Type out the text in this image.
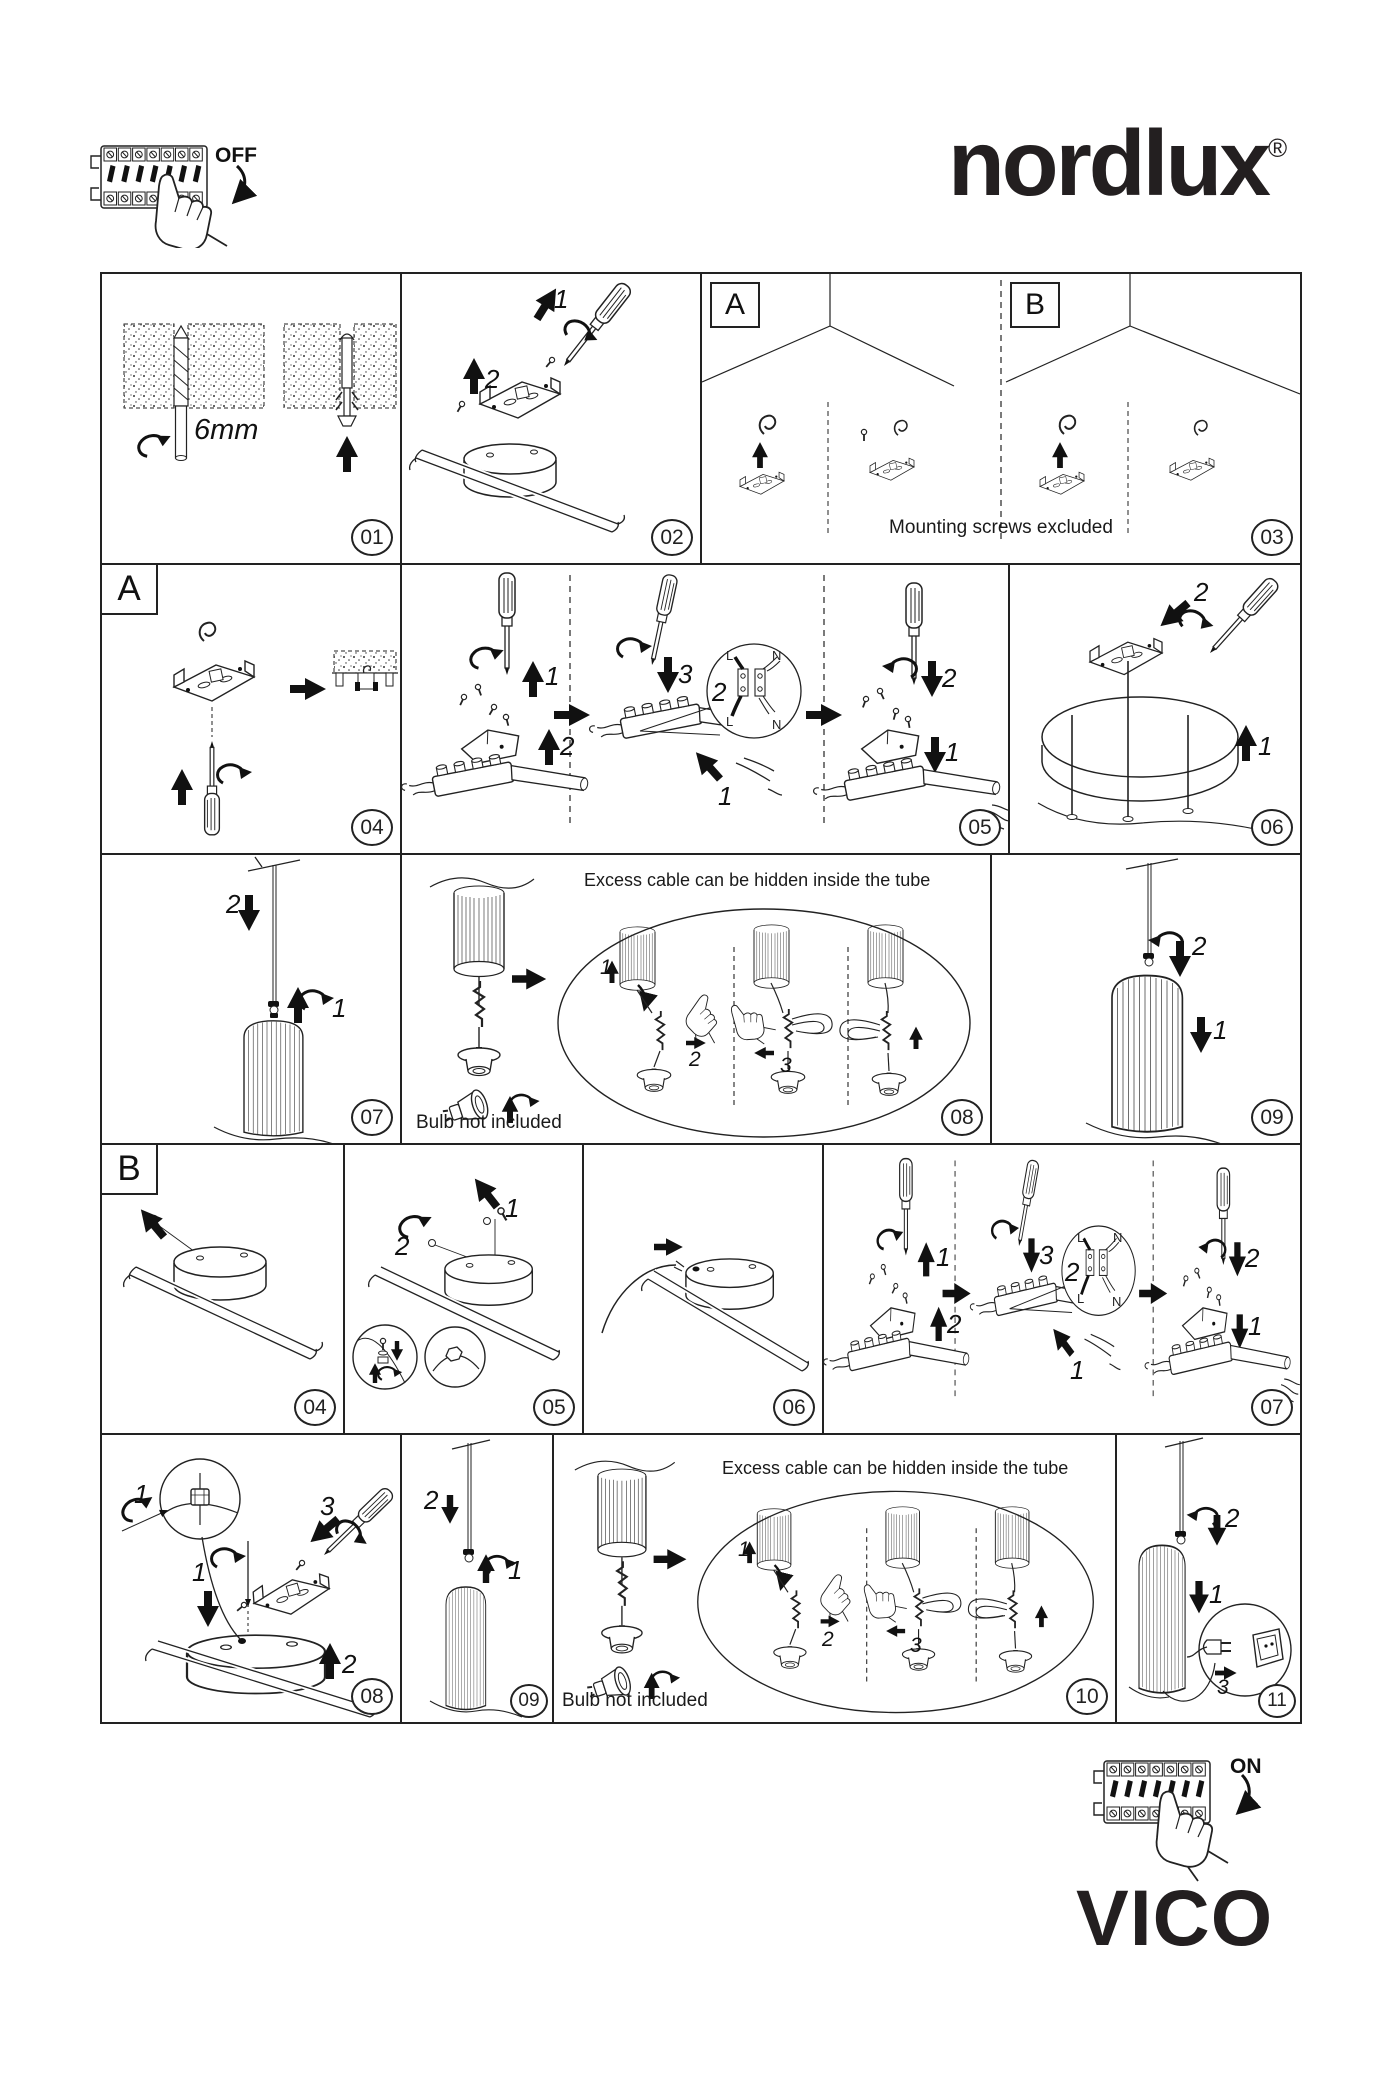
OFF	nordlux®
6mm
01
1
2
02
A	B
Mounting screws excluded	03
A
04
1
2
3
1
2
L	N
L	N
2
1
05
2
1
06
2
1
07
Excess cable can be hidden inside the tube
1
2	3
Bulb not included	08
2
1
09
B
04
1
2
05	06
1
2
3
1
2
L N
L N
2
1
07
1
1
3
2
08
2
1
09
Excess cable can be hidden inside the tube
1
2	3
Bulb not included	10
2
1
3
11
ON
VICO
